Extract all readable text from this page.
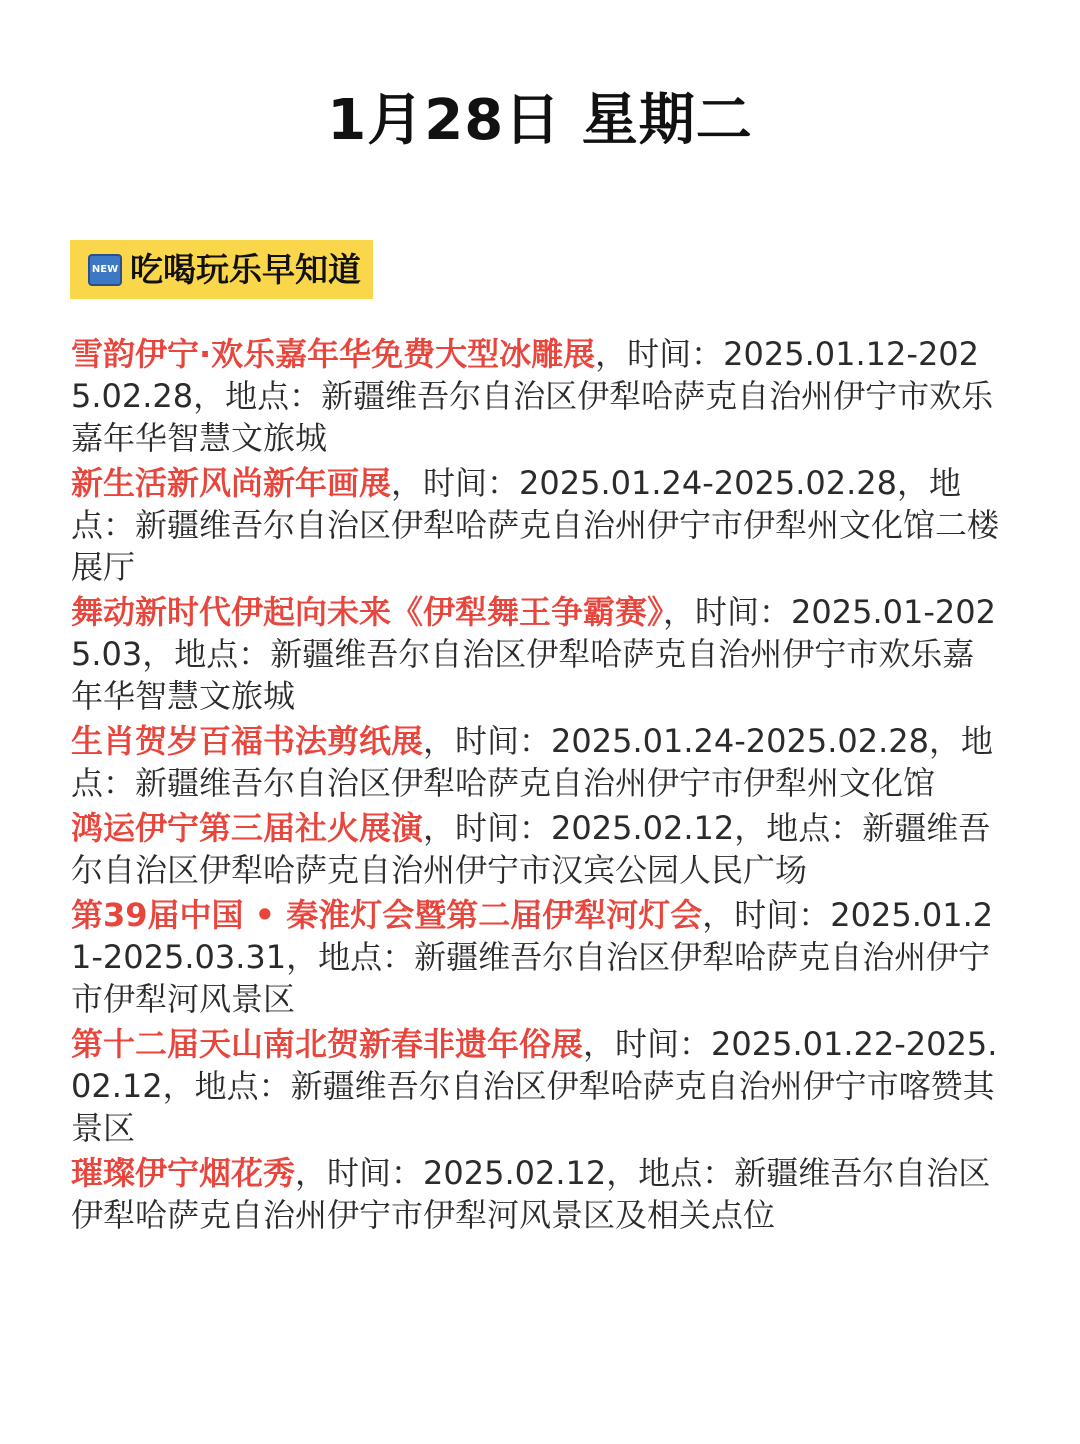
1月28日 星期二
NEW 吃喝玩乐早知道
雪韵伊宁·欢乐嘉年华免费大型冰雕展，时间：2025.01.12-2025.02.28，地点：新疆维吾尔自治区伊犁哈萨克自治州伊宁市欢乐嘉年华智慧文旅城
新生活新风尚新年画展，时间：2025.01.24-2025.02.28，地点：新疆维吾尔自治区伊犁哈萨克自治州伊宁市伊犁州文化馆二楼展厅
舞动新时代伊起向未来《伊犁舞王争霸赛》，时间：2025.01-2025.03，地点：新疆维吾尔自治区伊犁哈萨克自治州伊宁市欢乐嘉年华智慧文旅城
生肖贺岁百福书法剪纸展，时间：2025.01.24-2025.02.28，地点：新疆维吾尔自治区伊犁哈萨克自治州伊宁市伊犁州文化馆
鸿运伊宁第三届社火展演，时间：2025.02.12，地点：新疆维吾尔自治区伊犁哈萨克自治州伊宁市汉宾公园人民广场
第39届中国 • 秦淮灯会暨第二届伊犁河灯会，时间：2025.01.21-2025.03.31，地点：新疆维吾尔自治区伊犁哈萨克自治州伊宁市伊犁河风景区
第十二届天山南北贺新春非遗年俗展，时间：2025.01.22-2025.02.12，地点：新疆维吾尔自治区伊犁哈萨克自治州伊宁市喀赞其景区
璀璨伊宁烟花秀，时间：2025.02.12，地点：新疆维吾尔自治区伊犁哈萨克自治州伊宁市伊犁河风景区及相关点位
